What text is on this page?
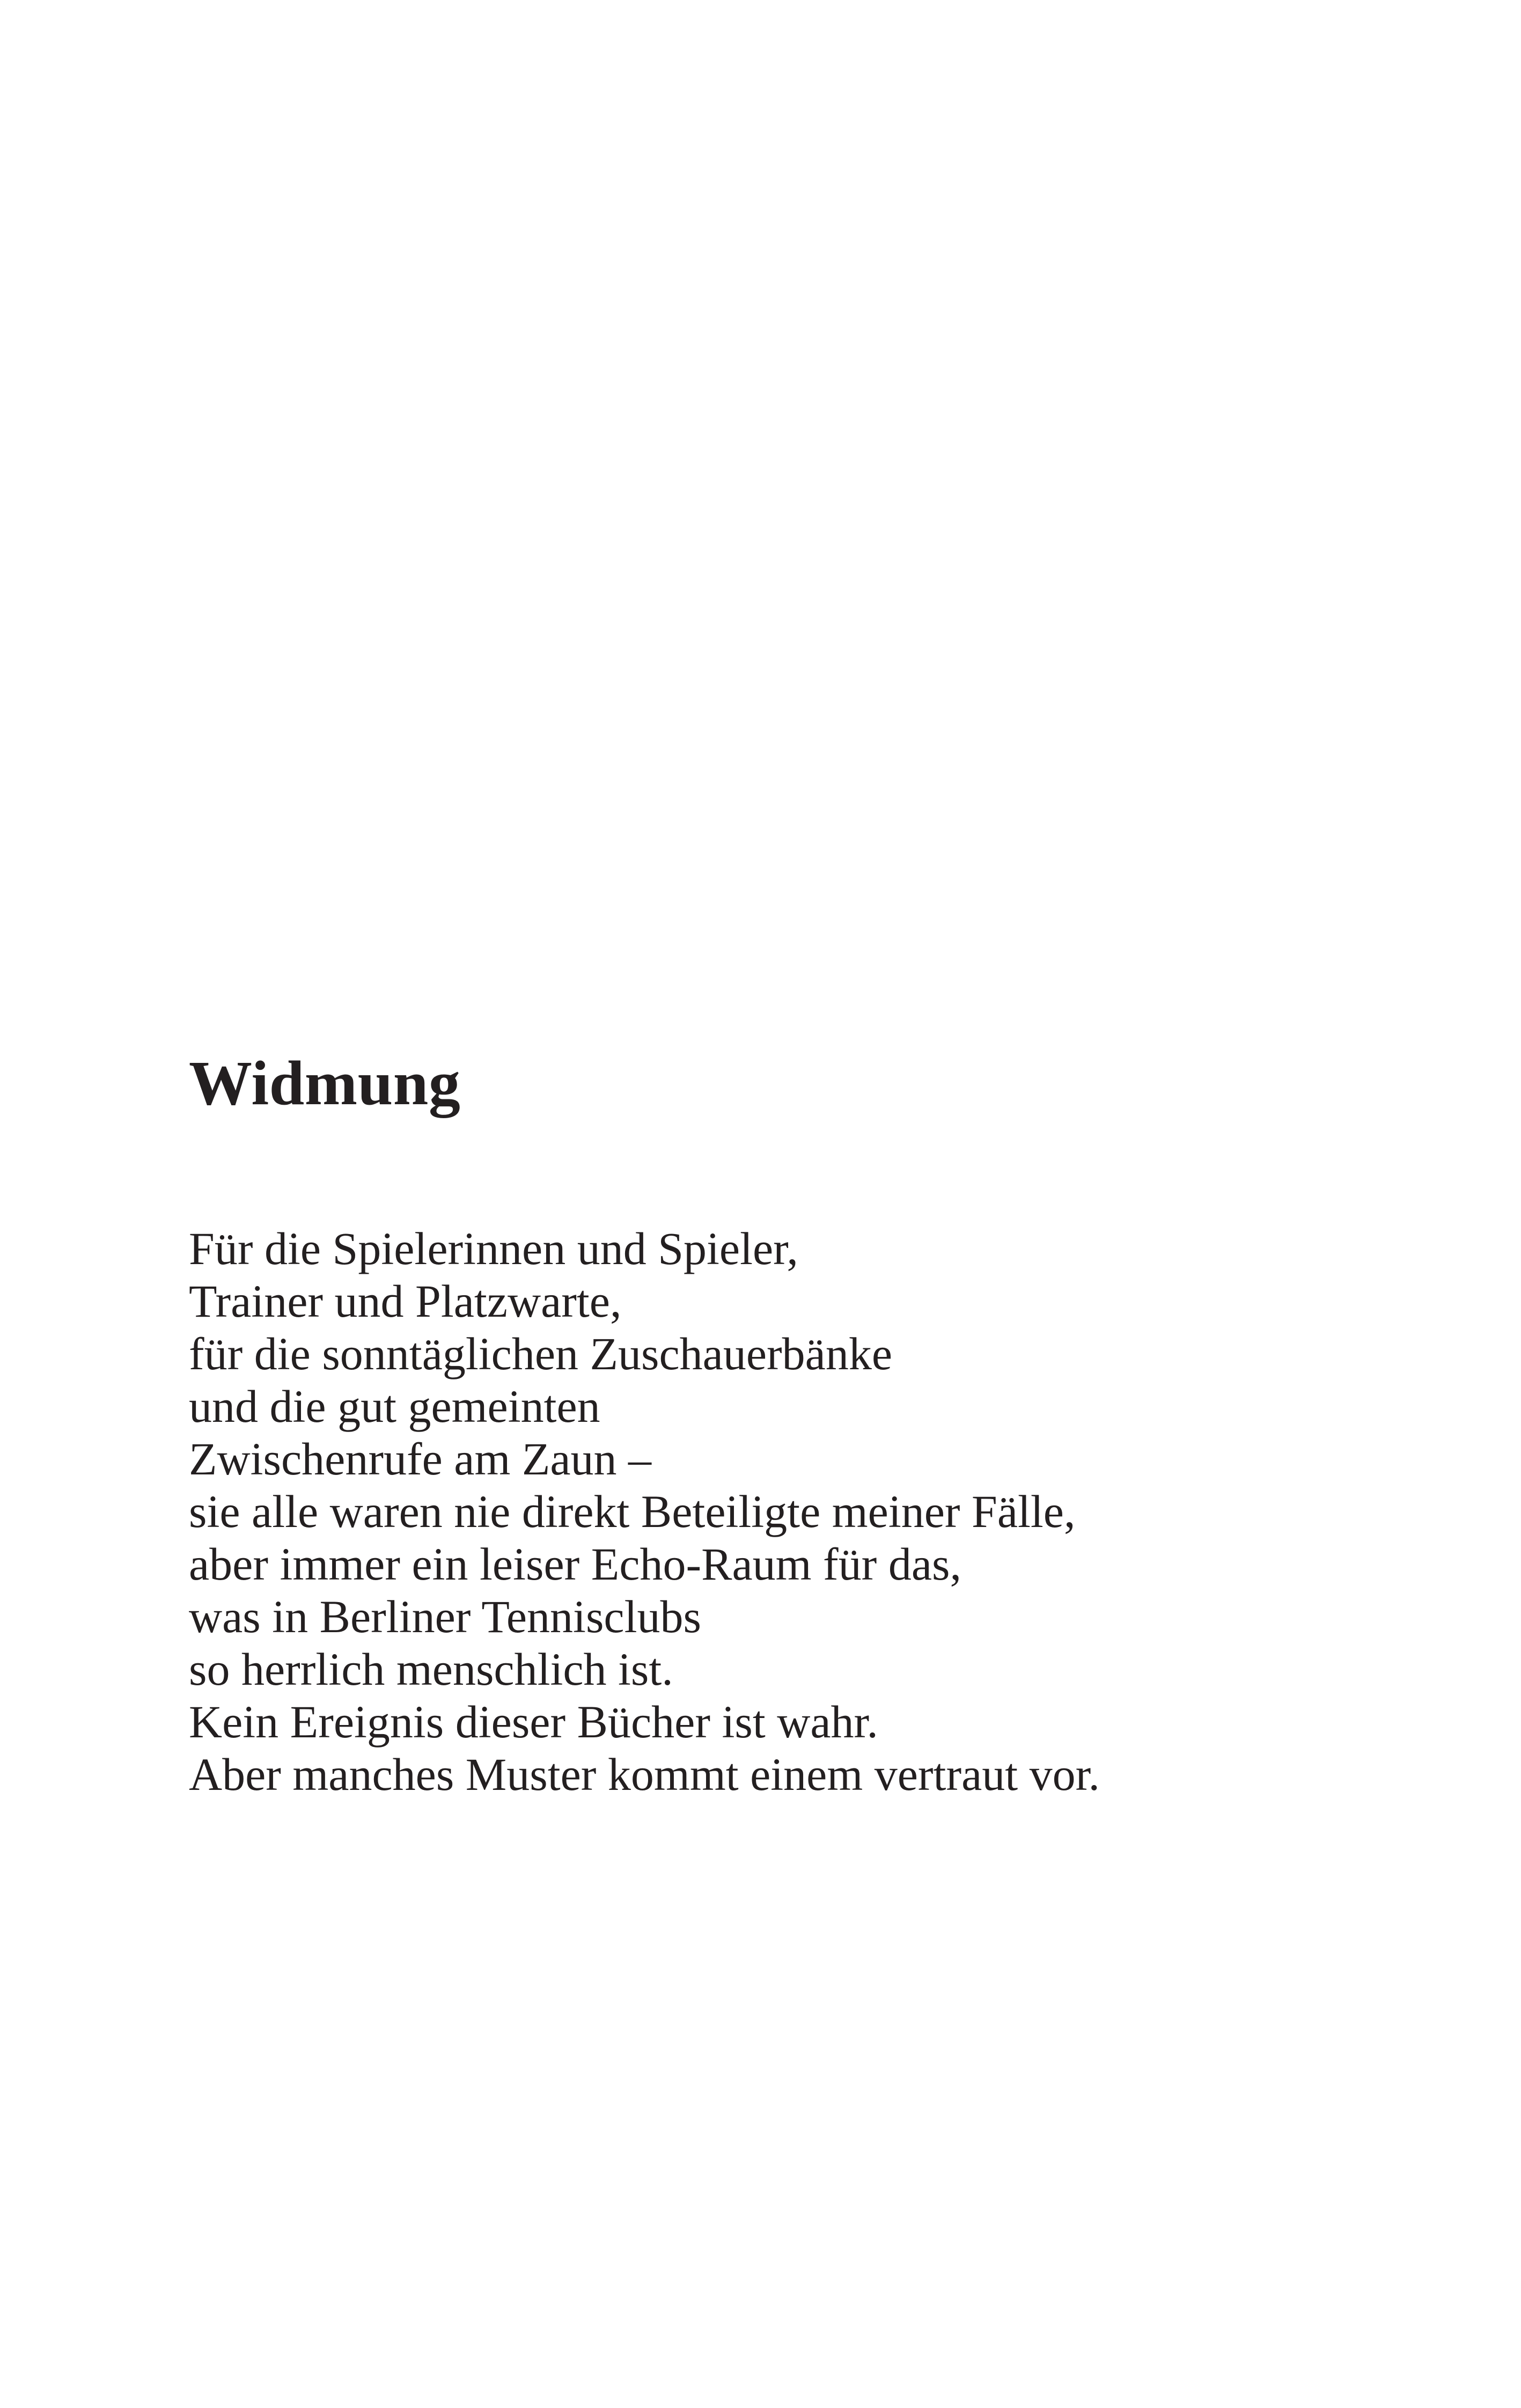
Widmung
Für die Spielerinnen und Spieler,
Trainer und Platzwarte,
für die sonntäglichen Zuschauerbänke
und die gut gemeinten
Zwischenrufe am Zaun –
sie alle waren nie direkt Beteiligte meiner Fälle,
aber immer ein leiser Echo-Raum für das,
was in Berliner Tennisclubs
so herrlich menschlich ist.
Kein Ereignis dieser Bücher ist wahr.
Aber manches Muster kommt einem vertraut vor.
